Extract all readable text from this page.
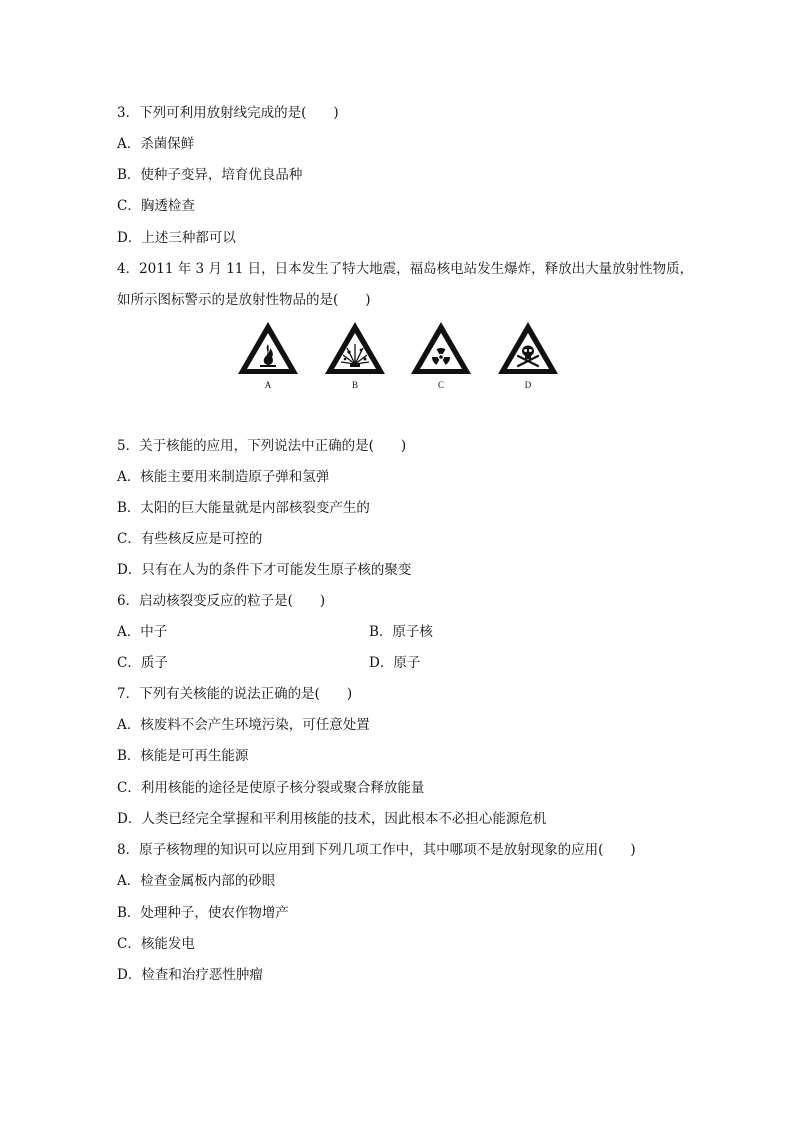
3．下列可利用放射线完成的是(　　)
A．杀菌保鲜
B．使种子变异，培育优良品种
C．胸透检查
D．上述三种都可以
4．2011 年 3 月 11 日，日本发生了特大地震，福岛核电站发生爆炸，释放出大量放射性物质，
如所示图标警示的是放射性物品的是(　　)
A	B	C	D
5．关于核能的应用，下列说法中正确的是(　　)
A．核能主要用来制造原子弹和氢弹
B．太阳的巨大能量就是内部核裂变产生的
C．有些核反应是可控的
D．只有在人为的条件下才可能发生原子核的聚变
6．启动核裂变反应的粒子是(　　)
A．中子	B．原子核
C．质子	D．原子
7．下列有关核能的说法正确的是(　　)
A．核废料不会产生环境污染，可任意处置
B．核能是可再生能源
C．利用核能的途径是使原子核分裂或聚合释放能量
D．人类已经完全掌握和平利用核能的技术，因此根本不必担心能源危机
8．原子核物理的知识可以应用到下列几项工作中，其中哪项不是放射现象的应用(　　)
A．检查金属板内部的砂眼
B．处理种子，使农作物增产
C．核能发电
D．检查和治疗恶性肿瘤
